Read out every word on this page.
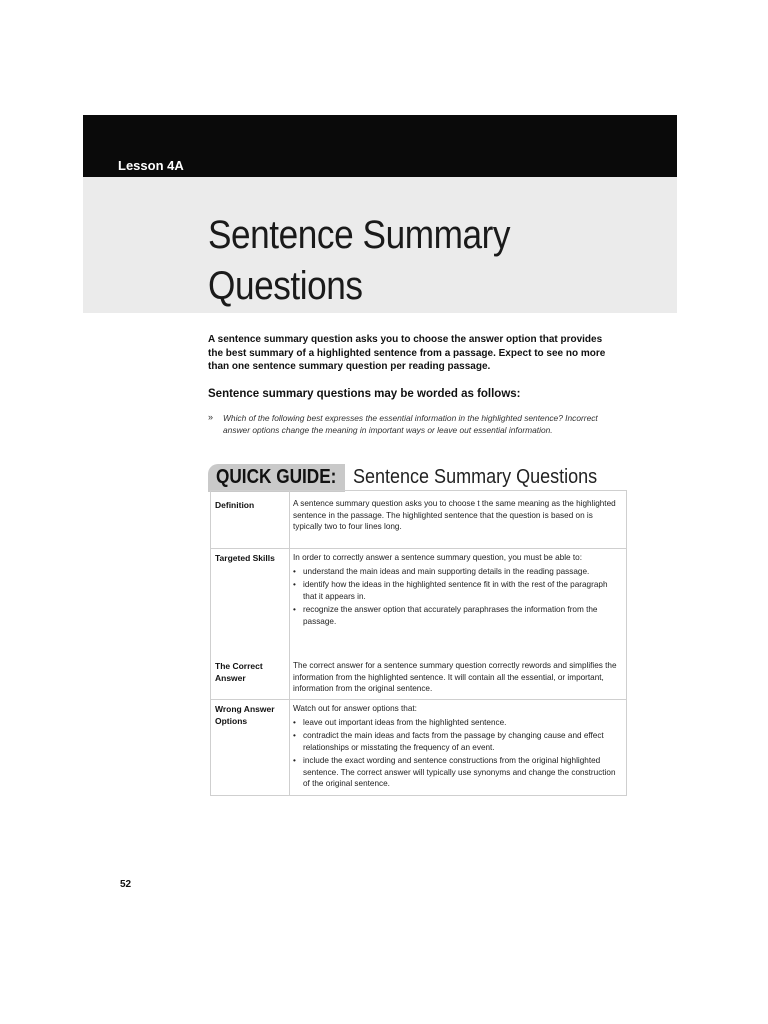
Lesson 4A
Sentence Summary
Questions

A sentence summary question asks you to choose the answer option that provides the best summary of a highlighted sentence from a passage. Expect to see no more than one sentence summary question per reading passage.

Sentence summary questions may be worded as follows:
» Which of the following best expresses the essential information in the highlighted sentence? Incorrect answer options change the meaning in important ways or leave out essential information.

QUICK GUIDE: Sentence Summary Questions
Definition	A sentence summary question asks you to choose t the same meaning as the highlighted sentence in the passage. The highlighted sentence that the question is based on is typically two to four lines long.

Targeted Skills	In order to correctly answer a sentence summary question, you must be able to:

• understand the main ideas and main supporting details in the reading passage.
• identify how the ideas in the highlighted sentence fit in with the rest of the paragraph that it appears in.
• recognize the answer option that accurately paraphrases the information from the passage.
The Correct Answer

The correct answer for a sentence summary question correctly rewords and simplifies the information from the highlighted sentence. It will contain all the essential, or important, information from the original sentence.

Wrong Answer Options

Watch out for answer options that:

• leave out important ideas from the highlighted sentence.
• contradict the main ideas and facts from the passage by changing cause and effect relationships or misstating the frequency of an event.
• include the exact wording and sentence constructions from the original highlighted sentence. The correct answer will typically use synonyms and change the construction of the original sentence.
52
